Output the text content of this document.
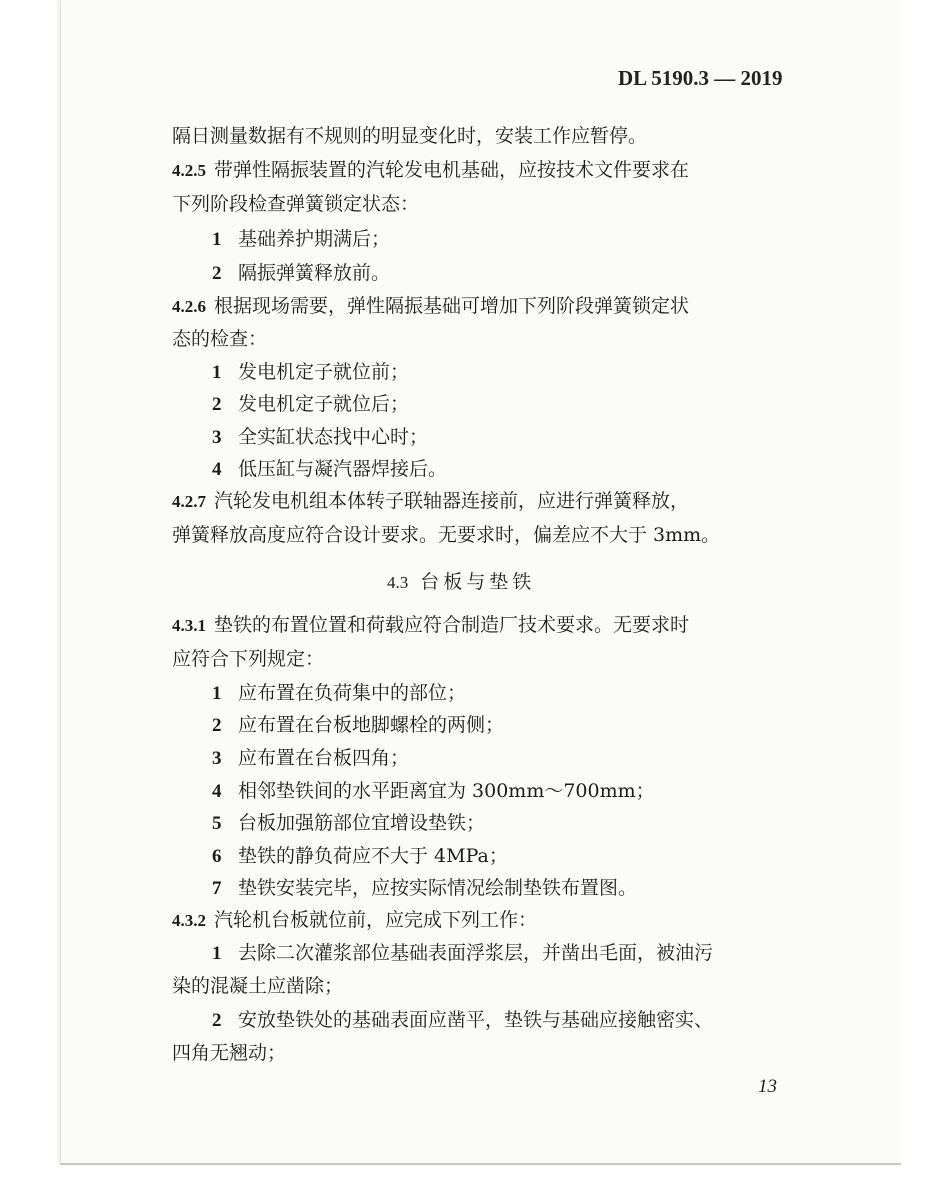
DL 5190.3 — 2019

隔日测量数据有不规则的明显变化时，安装工作应暂停。

4.2.5 带弹性隔振装置的汽轮发电机基础，应按技术文件要求在

下列阶段检查弹簧锁定状态：

1 基础养护期满后；

2 隔振弹簧释放前。

4.2.6 根据现场需要，弹性隔振基础可增加下列阶段弹簧锁定状

态的检查：

1 发电机定子就位前；

2 发电机定子就位后；

3 全实缸状态找中心时；

4 低压缸与凝汽器焊接后。

4.2.7 汽轮发电机组本体转子联轴器连接前，应进行弹簧释放，

弹簧释放高度应符合设计要求。无要求时，偏差应不大于 3mm。

4.3 台板与垫铁

4.3.1 垫铁的布置位置和荷载应符合制造厂技术要求。无要求时

应符合下列规定：

1 应布置在负荷集中的部位；

2 应布置在台板地脚螺栓的两侧；

3 应布置在台板四角；

4 相邻垫铁间的水平距离宜为 300mm～700mm；

5 台板加强筋部位宜增设垫铁；

6 垫铁的静负荷应不大于 4MPa；

7 垫铁安装完毕，应按实际情况绘制垫铁布置图。

4.3.2 汽轮机台板就位前，应完成下列工作：

1 去除二次灌浆部位基础表面浮浆层，并凿出毛面，被油污

染的混凝土应凿除；

2 安放垫铁处的基础表面应凿平，垫铁与基础应接触密实、

四角无翘动；

13
